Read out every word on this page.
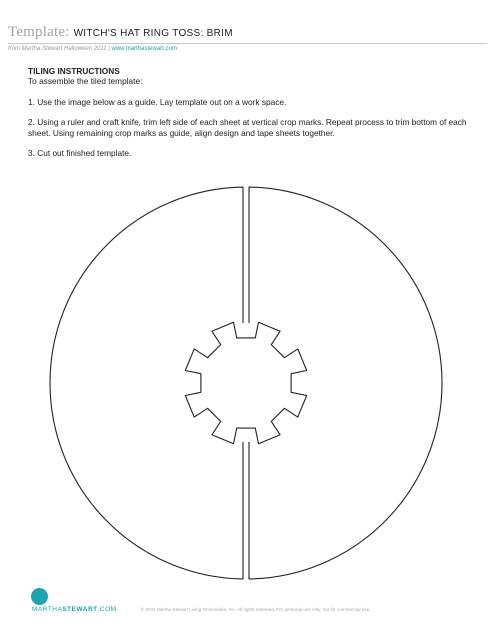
Template: WITCH'S HAT RING TOSS: BRIM
from Martha Stewart Halloween 2011 | www.marthastewart.com

TILING INSTRUCTIONS

To assemble the tiled template:

1. Use the image below as a guide. Lay template out on a work space.

2. Using a ruler and craft knife, trim left side of each sheet at vertical crop marks. Repeat process to trim bottom of each sheet. Using remaining crop marks as guide, align design and tape sheets together.

3. Cut out finished template.

MARTHASTEWART.COM	© 2011 Martha Stewart Living Omnimedia, Inc. All rights reserved. For personal use only, not for commercial use.
